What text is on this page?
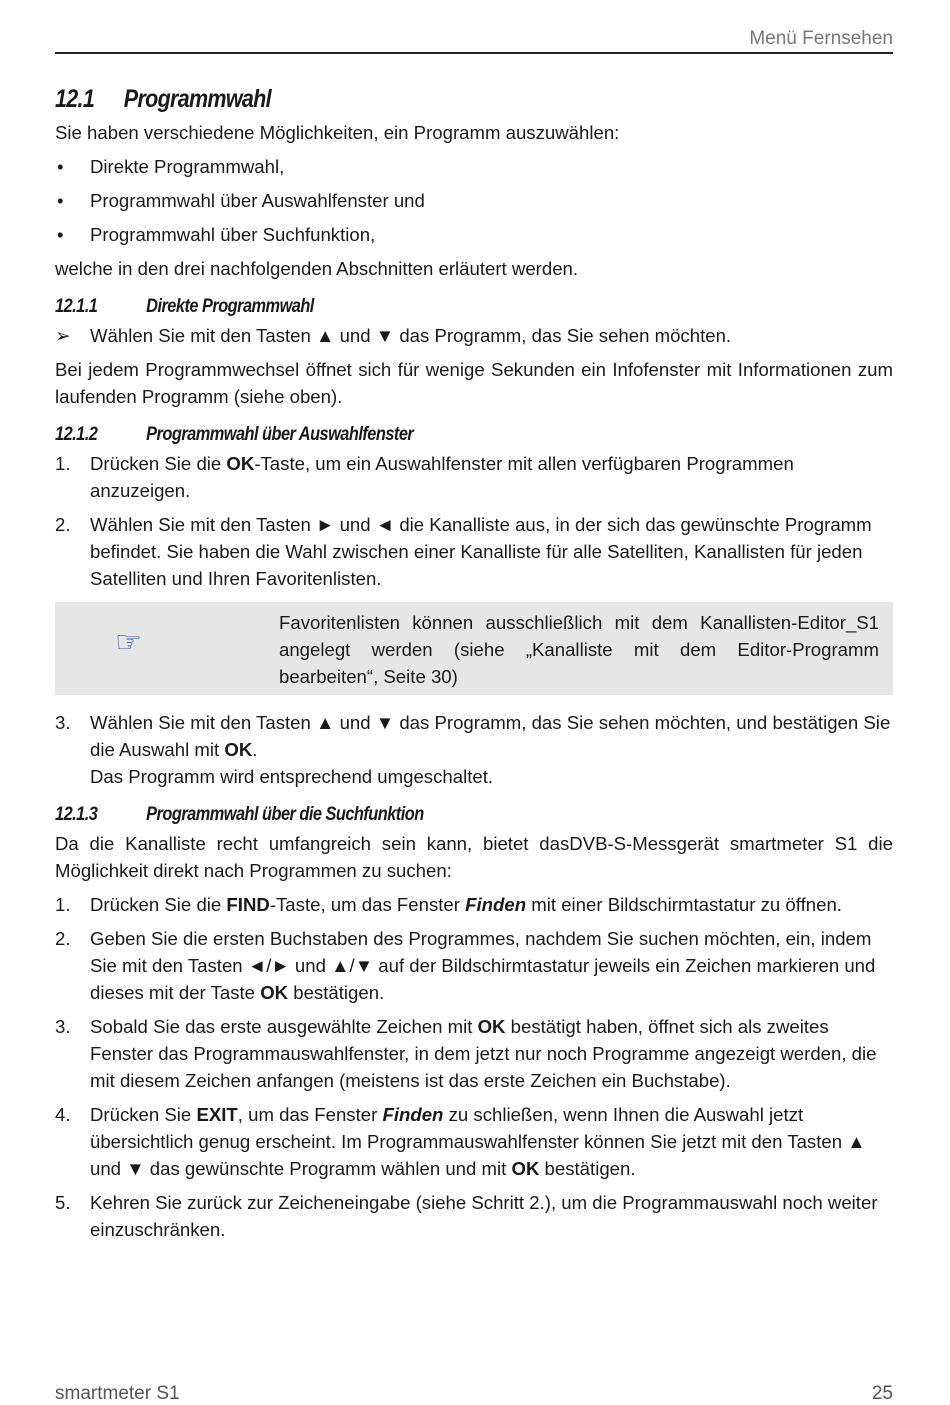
Menü Fernsehen
12.1 Programmwahl

Sie haben verschiedene Möglichkeiten, ein Programm auszuwählen:

• Direkte Programmwahl,
• Programmwahl über Auswahlfenster und
• Programmwahl über Suchfunktion,

welche in den drei nachfolgenden Abschnitten erläutert werden.

12.1.1	Direkte Programmwahl
➢ Wählen Sie mit den Tasten ▲ und ▼ das Programm, das Sie sehen möchten.

Bei jedem Programmwechsel öffnet sich für wenige Sekunden ein Infofenster mit Informationen zum laufenden Programm (siehe oben).

12.1.2	Programmwahl über Auswahlfenster
1. Drücken Sie die OK-Taste, um ein Auswahlfenster mit allen verfügbaren Programmen anzuzeigen.
2. Wählen Sie mit den Tasten ► und ◄ die Kanalliste aus, in der sich das gewünschte Programm befindet. Sie haben die Wahl zwischen einer Kanalliste für alle Satelliten, Kanallisten für jeden Satelliten und Ihren Favoritenlisten.
☞
Favoritenlisten können ausschließlich mit dem Kanallisten-Editor_S1 angelegt werden (siehe „Kanalliste mit dem Editor-Programm bearbeiten“, Seite 30)
3. Wählen Sie mit den Tasten ▲ und ▼ das Programm, das Sie sehen möchten, und bestätigen Sie die Auswahl mit OK.
Das Programm wird entsprechend umgeschaltet.
12.1.3	Programmwahl über die Suchfunktion

Da die Kanalliste recht umfangreich sein kann, bietet dasDVB-S-Messgerät smartmeter S1 die Möglichkeit direkt nach Programmen zu suchen:

1. Drücken Sie die FIND-Taste, um das Fenster Finden mit einer Bildschirmtastatur zu öffnen.
2. Geben Sie die ersten Buchstaben des Programmes, nachdem Sie suchen möchten, ein, indem Sie mit den Tasten ◄/► und ▲/▼ auf der Bildschirmtastatur jeweils ein Zeichen markieren und dieses mit der Taste OK bestätigen.
3. Sobald Sie das erste ausgewählte Zeichen mit OK bestätigt haben, öffnet sich als zweites Fenster das Programmauswahlfenster, in dem jetzt nur noch Programme angezeigt werden, die mit diesem Zeichen anfangen (meistens ist das erste Zeichen ein Buchstabe).
4. Drücken Sie EXIT, um das Fenster Finden zu schließen, wenn Ihnen die Auswahl jetzt übersichtlich genug erscheint. Im Programmauswahlfenster können Sie jetzt mit den Tasten ▲ und ▼ das gewünschte Programm wählen und mit OK bestätigen.
5. Kehren Sie zurück zur Zeicheneingabe (siehe Schritt 2.), um die Programmauswahl noch weiter einzuschränken.
smartmeter S1	25
